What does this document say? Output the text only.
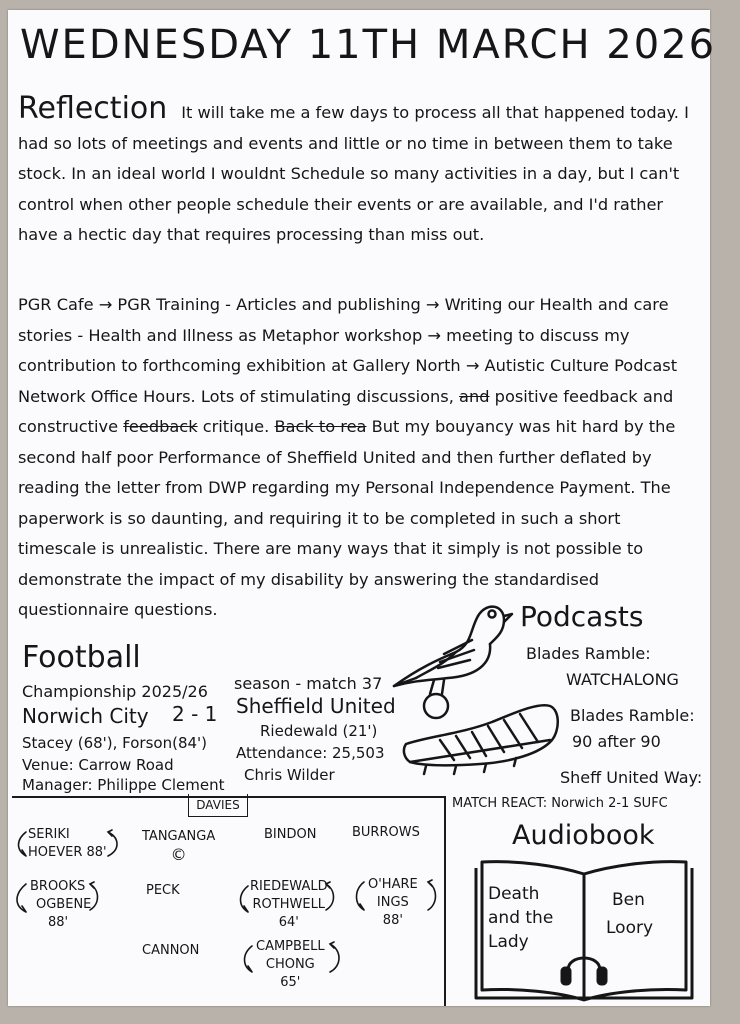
WEDNESDAY 11TH MARCH 2026
Reflection It will take me a few days to process all that happened today. I had so lots of meetings and events and little or no time in between them to take stock. In an ideal world I wouldnt Schedule so many activities in a day, but I can't control when other people schedule their events or are available, and I'd rather have a hectic day that requires processing than miss out.
PGR Cafe → PGR Training - Articles and publishing → Writing our Health and care stories - Health and Illness as Metaphor workshop → meeting to discuss my contribution to forthcoming exhibition at Gallery North → Autistic Culture Podcast Network Office Hours. Lots of stimulating discussions, and positive feedback and constructive feedback critique. Back to rea But my bouyancy was hit hard by the second half poor Performance of Sheffield United and then further deflated by reading the letter from DWP regarding my Personal Independence Payment. The paperwork is so daunting, and requiring it to be completed in such a short timescale is unrealistic. There are many ways that it simply is not possible to demonstrate the impact of my disability by answering the standardised questionnaire questions.	Podcasts
Blades Ramble:
WATCHALONG
Blades Ramble:
90 after 90
Sheff United Way:
MATCH REACT: Norwich 2-1 SUFC
Football
Championship 2025/26 season - match 37
Norwich City 2 - 1 Sheffield United
Stacey (68'), Forson(84')
Riedewald (21')
Venue: Carrow Road
Attendance: 25,503
Manager: Philippe Clement
Chris Wilder
DAVIES
SERIKI
HOEVER 88'
TANGANGA
©
BINDON	BURROWS
BROOKS
OGBENE
88'
PECK	RIEDEWALD
ROTHWELL
64'
O'HARE
INGS
88'
CANNON	CAMPBELL
CHONG
65'
Audiobook
Death
and the
Lady
Ben
Loory
